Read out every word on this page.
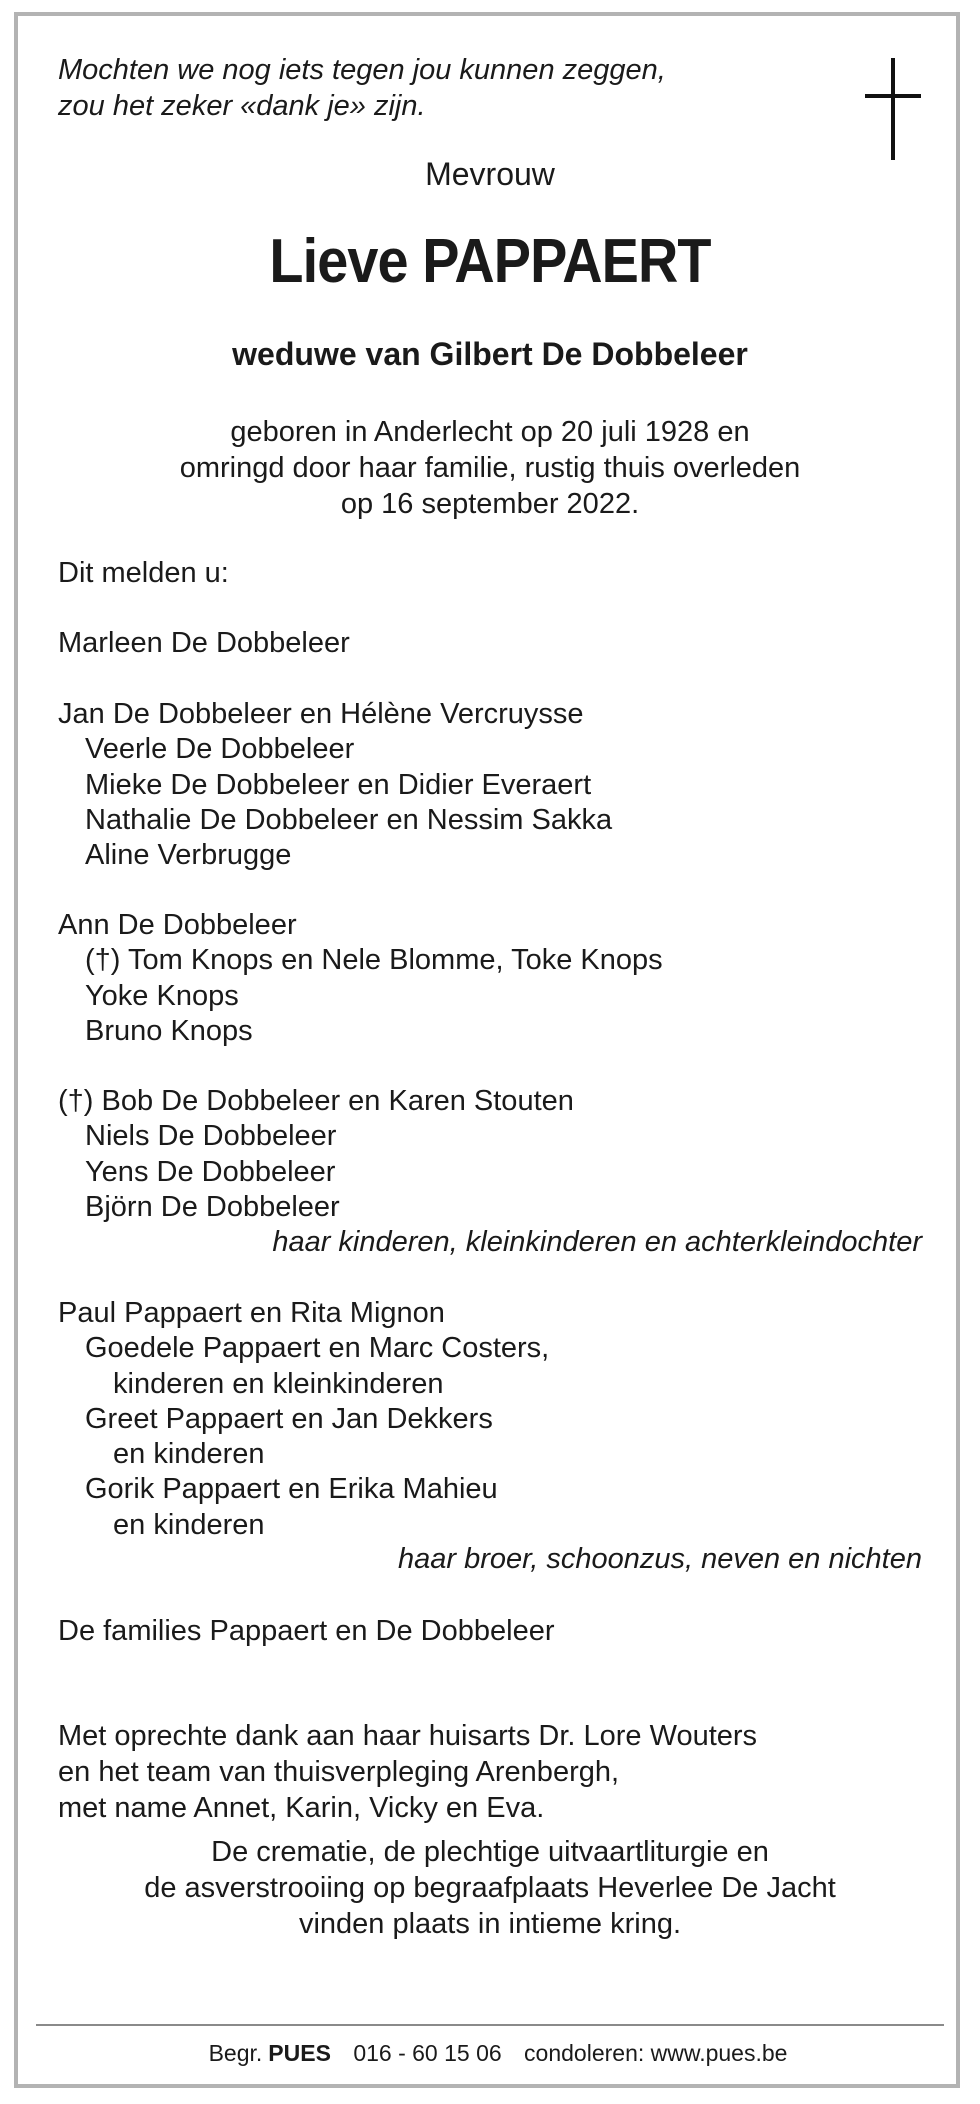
Mochten we nog iets tegen jou kunnen zeggen,
zou het zeker «dank je» zijn.
Mevrouw
Lieve PAPPAERT
weduwe van Gilbert De Dobbeleer
geboren in Anderlecht op 20 juli 1928 en
omringd door haar familie, rustig thuis overleden
op 16 september 2022.
Dit melden u:
Marleen De Dobbeleer
Jan De Dobbeleer en Hélène Vercruysse
Veerle De Dobbeleer
Mieke De Dobbeleer en Didier Everaert
Nathalie De Dobbeleer en Nessim Sakka
Aline Verbrugge
Ann De Dobbeleer
(†) Tom Knops en Nele Blomme, Toke Knops
Yoke Knops
Bruno Knops
(†) Bob De Dobbeleer en Karen Stouten
Niels De Dobbeleer
Yens De Dobbeleer
Björn De Dobbeleer
haar kinderen, kleinkinderen en achterkleindochter
Paul Pappaert en Rita Mignon
Goedele Pappaert en Marc Costers,
kinderen en kleinkinderen
Greet Pappaert en Jan Dekkers
en kinderen
Gorik Pappaert en Erika Mahieu
en kinderen
haar broer, schoonzus, neven en nichten
De families Pappaert en De Dobbeleer
Met oprechte dank aan haar huisarts Dr. Lore Wouters
en het team van thuisverpleging Arenbergh,
met name Annet, Karin, Vicky en Eva.
De crematie, de plechtige uitvaartliturgie en
de asverstrooiing op begraafplaats Heverlee De Jacht
vinden plaats in intieme kring.
Begr. PUES 016 - 60 15 06 condoleren: www.pues.be
